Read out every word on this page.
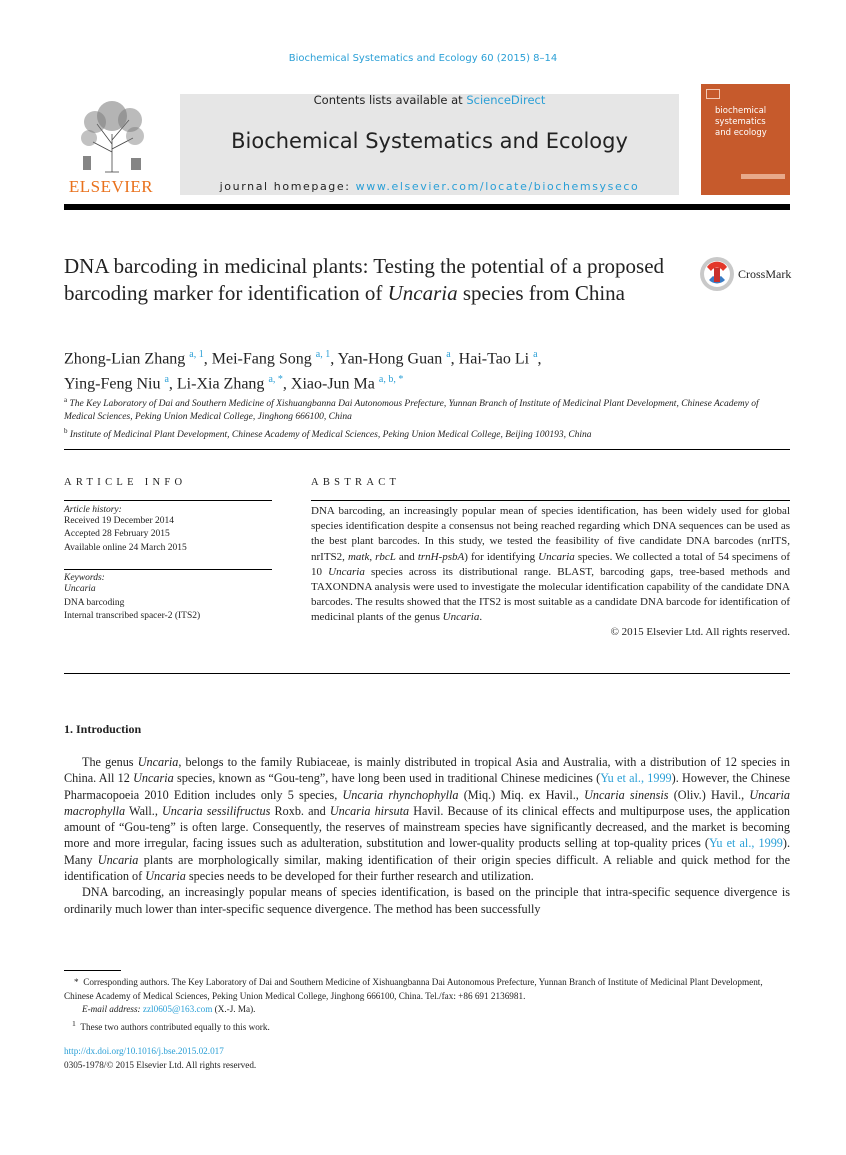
Biochemical Systematics and Ecology 60 (2015) 8–14
ELSEVIER
Contents lists available at ScienceDirect
Biochemical Systematics and Ecology
journal homepage: www.elsevier.com/locate/biochemsyseco
biochemical
systematics
and ecology
DNA barcoding in medicinal plants: Testing the potential of a proposed barcoding marker for identification of Uncaria species from China
CrossMark
Zhong-Lian Zhang $^{a, 1}$, Mei-Fang Song $^{a, 1}$, Yan-Hong Guan $^a$, Hai-Tao Li $^a$,
Ying-Feng Niu $^a$, Li-Xia Zhang $^{a, *}$, Xiao-Jun Ma $^{a, b, *}$
$^a$ The Key Laboratory of Dai and Southern Medicine of Xishuangbanna Dai Autonomous Prefecture, Yunnan Branch of Institute of Medicinal Plant Development, Chinese Academy of Medical Sciences, Peking Union Medical College, Jinghong 666100, China
$^b$ Institute of Medicinal Plant Development, Chinese Academy of Medical Sciences, Peking Union Medical College, Beijing 100193, China
ARTICLE INFO
Article history:
Received 19 December 2014
Accepted 28 February 2015
Available online 24 March 2015
Keywords:
Uncaria
DNA barcoding
Internal transcribed spacer-2 (ITS2)
ABSTRACT
DNA barcoding, an increasingly popular mean of species identification, has been widely used for global species identification despite a consensus not being reached regarding which DNA sequences can be used as the best plant barcodes. In this study, we tested the feasibility of five candidate DNA barcodes (nrITS, nrITS2, matk, rbcL and trnH-psbA) for identifying Uncaria species. We collected a total of 54 specimens of 10 Uncaria species across its distributional range. BLAST, barcoding gaps, tree-based methods and TAXONDNA analysis were used to investigate the molecular identification capability of the candidate DNA barcodes. The results showed that the ITS2 is most suitable as a candidate DNA barcode for identification of medicinal plants of the genus Uncaria.
© 2015 Elsevier Ltd. All rights reserved.
1. Introduction

The genus Uncaria, belongs to the family Rubiaceae, is mainly distributed in tropical Asia and Australia, with a distribution of 12 species in China. All 12 Uncaria species, known as “Gou-teng”, have long been used in traditional Chinese medicines (Yu et al., 1999). However, the Chinese Pharmacopoeia 2010 Edition includes only 5 species, Uncaria rhynchophylla (Miq.) Miq. ex Havil., Uncaria sinensis (Oliv.) Havil., Uncaria macrophylla Wall., Uncaria sessilifructus Roxb. and Uncaria hirsuta Havil. Because of its clinical effects and multipurpose uses, the application amount of “Gou-teng” is often large. Consequently, the reserves of mainstream species have significantly decreased, and the market is becoming more and more irregular, facing issues such as adulteration, substitution and lower-quality products selling at top-quality prices (Yu et al., 1999). Many Uncaria plants are morphologically similar, making identification of their origin species difficult. A reliable and quick method for the identification of Uncaria species needs to be developed for their further research and utilization.

DNA barcoding, an increasingly popular means of species identification, is based on the principle that intra-specific sequence divergence is ordinarily much lower than inter-specific sequence divergence. The method has been successfully

* Corresponding authors. The Key Laboratory of Dai and Southern Medicine of Xishuangbanna Dai Autonomous Prefecture, Yunnan Branch of Institute of Medicinal Plant Development, Chinese Academy of Medical Sciences, Peking Union Medical College, Jinghong 666100, China. Tel./fax: +86 691 2136981.
E-mail address: zzl0605@163.com (X.-J. Ma).
$^1$ These two authors contributed equally to this work.
http://dx.doi.org/10.1016/j.bse.2015.02.017
0305-1978/© 2015 Elsevier Ltd. All rights reserved.
